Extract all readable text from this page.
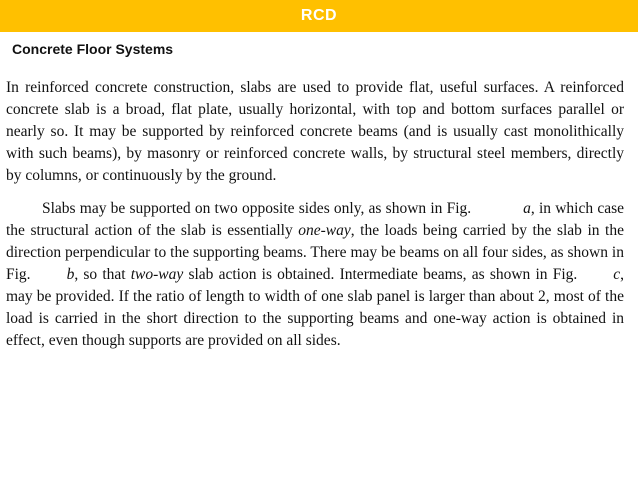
RCD
Concrete Floor Systems

In reinforced concrete construction, slabs are used to provide flat, useful surfaces. A reinforced concrete slab is a broad, flat plate, usually horizontal, with top and bottom surfaces parallel or nearly so. It may be supported by reinforced concrete beams (and is usually cast monolithically with such beams), by masonry or reinforced concrete walls, by structural steel members, directly by columns, or continuously by the ground.

Slabs may be supported on two opposite sides only, as shown in Fig.	a, in which case the structural action of the slab is essentially one-way, the loads being carried by the slab in the direction perpendicular to the supporting beams. There may be beams on all four sides, as shown in Fig. b, so that two-way slab action is obtained. Intermediate beams, as shown in Fig. c, may be provided. If the ratio of length to width of one slab panel is larger than about 2, most of the load is carried in the short direction to the supporting beams and one-way action is obtained in effect, even though supports are provided on all sides.
